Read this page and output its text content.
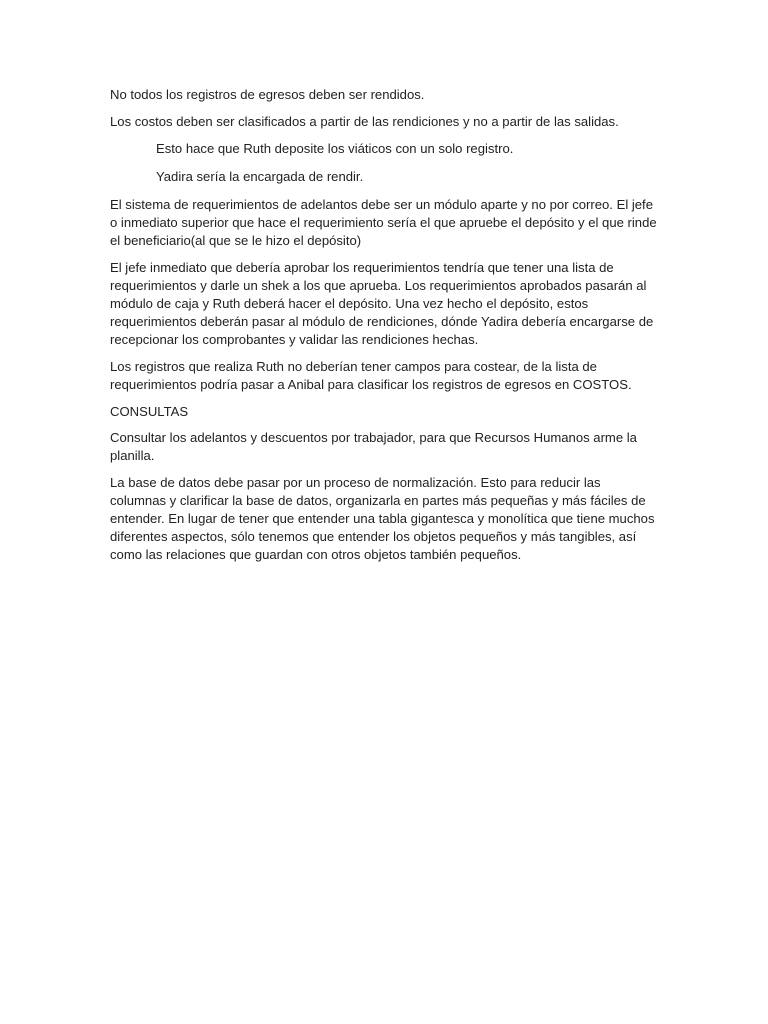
No todos los registros de egresos deben ser rendidos.

Los costos deben ser clasificados a partir de las rendiciones y no a partir de las salidas.

Esto hace que Ruth deposite los viáticos con un solo registro.

Yadira sería la encargada de rendir.

El sistema de requerimientos de adelantos debe ser un módulo aparte y no por correo. El jefe o inmediato superior que hace el requerimiento sería el que apruebe el depósito y el que rinde el beneficiario(al que se le hizo el depósito)

El jefe inmediato que debería aprobar los requerimientos tendría que tener una lista de requerimientos y darle un shek a los que aprueba. Los requerimientos aprobados pasarán al módulo de caja y Ruth deberá hacer el depósito. Una vez hecho el depósito, estos requerimientos deberán pasar al módulo de rendiciones, dónde Yadira debería encargarse de recepcionar los comprobantes y validar las rendiciones hechas.

Los registros que realiza Ruth no deberían tener campos para costear, de la lista de requerimientos podría pasar a Anibal para clasificar los registros de egresos en COSTOS.

CONSULTAS

Consultar los adelantos y descuentos por trabajador, para que Recursos Humanos arme la planilla.

La base de datos debe pasar por un proceso de normalización. Esto para reducir las columnas y clarificar la base de datos, organizarla en partes más pequeñas y más fáciles de entender. En lugar de tener que entender una tabla gigantesca y monolítica que tiene muchos diferentes aspectos, sólo tenemos que entender los objetos pequeños y más tangibles, así como las relaciones que guardan con otros objetos también pequeños.
